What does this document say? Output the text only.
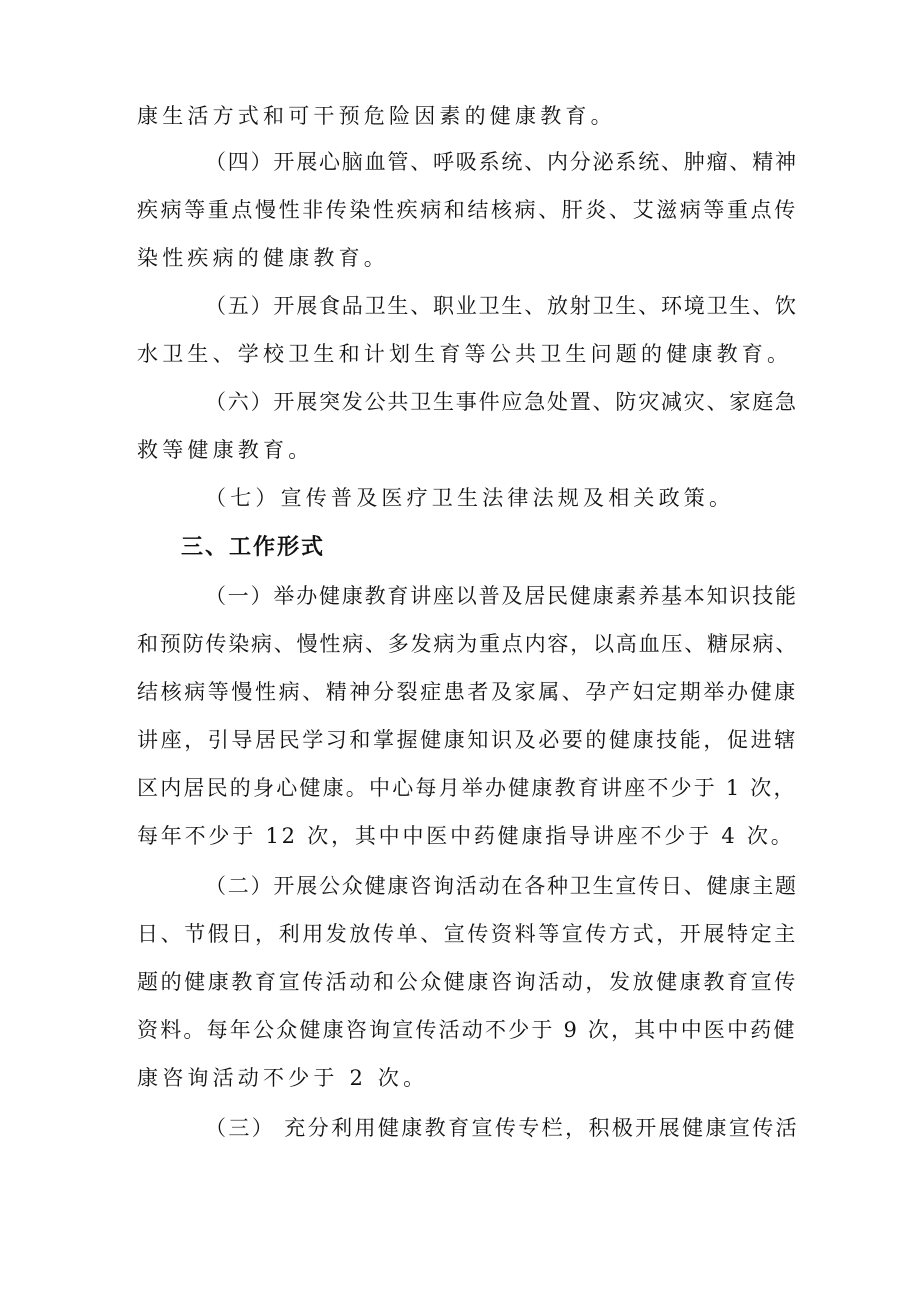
康生活方式和可干预危险因素的健康教育。
（四）开展心脑血管、呼吸系统、内分泌系统、肿瘤、精神
疾病等重点慢性非传染性疾病和结核病、肝炎、艾滋病等重点传
染性疾病的健康教育。
（五）开展食品卫生、职业卫生、放射卫生、环境卫生、饮
水卫生、学校卫生和计划生育等公共卫生问题的健康教育。
（六）开展突发公共卫生事件应急处置、防灾减灾、家庭急
救等健康教育。
（七）宣传普及医疗卫生法律法规及相关政策。
三、工作形式
（一）举办健康教育讲座以普及居民健康素养基本知识技能
和预防传染病、慢性病、多发病为重点内容，以高血压、糖尿病、
结核病等慢性病、精神分裂症患者及家属、孕产妇定期举办健康
讲座，引导居民学习和掌握健康知识及必要的健康技能，促进辖
区内居民的身心健康。中心每月举办健康教育讲座不少于 1 次，
每年不少于 12 次，其中中医中药健康指导讲座不少于 4 次。
（二）开展公众健康咨询活动在各种卫生宣传日、健康主题
日、节假日，利用发放传单、宣传资料等宣传方式，开展特定主
题的健康教育宣传活动和公众健康咨询活动，发放健康教育宣传
资料。每年公众健康咨询宣传活动不少于 9 次，其中中医中药健
康咨询活动不少于 2 次。
（三） 充分利用健康教育宣传专栏，积极开展健康宣传活
